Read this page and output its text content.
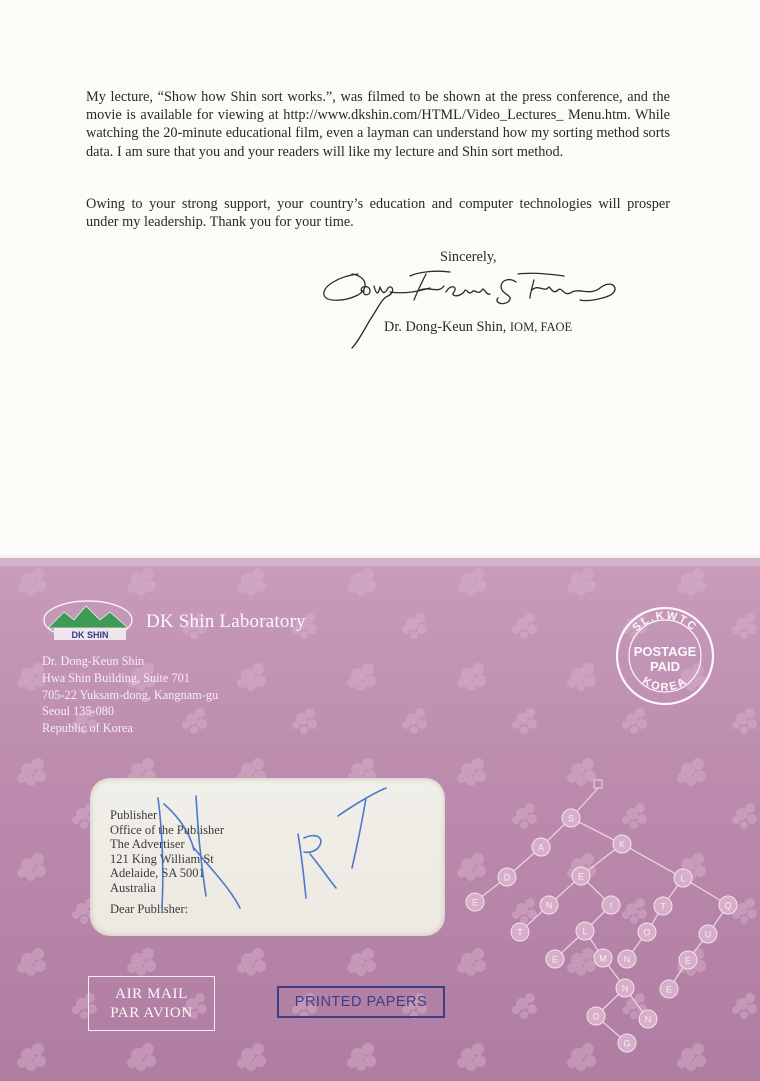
My lecture, “Show how Shin sort works.”, was filmed to be shown at the press conference, and the movie is available for viewing at http://www.dkshin.com/HTML/Video_Lectures_ Menu.htm. While watching the 20-minute educational film, even a layman can understand how my sorting method sorts data. I am sure that you and your readers will like my lecture and Shin sort method.

Owing to your strong support, your country’s education and computer technologies will prosper under my leadership. Thank you for your time.

Sincerely,
Dr. Dong-Keun Shin, IOM, FAOE
DK SHIN
DK Shin Laboratory
Dr. Dong-Keun Shin
Hwa Shin Building, Suite 701
705-22 Yuksam-dong, Kangnam-gu
Seoul 135-080
Republic of Korea
SL.KWTC
POSTAGE
PAID
KOREA
Publisher
Office of the Publisher
The Advertiser
121 King William St
Adelaide, SA 5001
Australia
Dear Publisher:
S
A	K
D	E	L
E	N	I	T	Q
T	L	O	U
E	M N	E
N	E
D	N
G
AIR MAIL
PAR AVION
PRINTED PAPERS
